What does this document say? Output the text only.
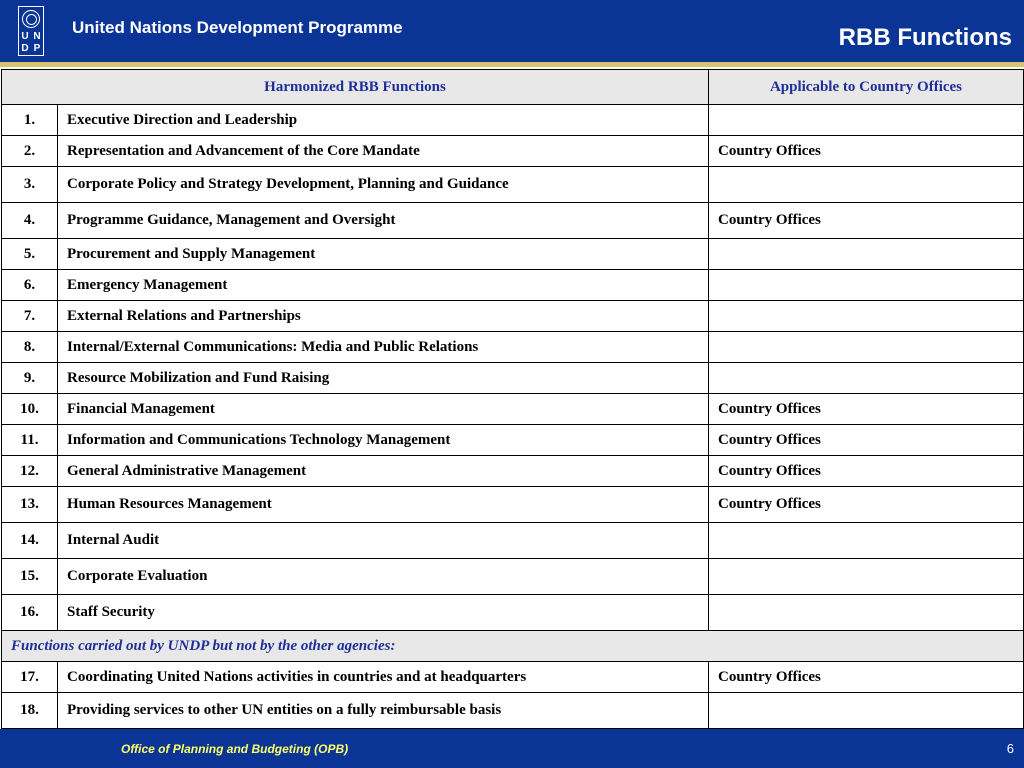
U N
D P
United Nations Development Programme	RBB Functions
Harmonized RBB Functions		Applicable to Country Offices
1.	Executive Direction and Leadership	
2.	Representation and Advancement of the Core Mandate	Country Offices
3.	Corporate Policy and Strategy Development, Planning and Guidance	
4.	Programme Guidance, Management and Oversight	Country Offices
5.	Procurement and Supply Management	
6.	Emergency Management	
7.	External Relations and Partnerships	
8.	Internal/External Communications: Media and Public Relations	
9.	Resource Mobilization and Fund Raising	
10.	Financial Management	Country Offices
11.	Information and Communications Technology Management	Country Offices
12.	General Administrative Management	Country Offices
13.	Human Resources Management	Country Offices
14.	Internal Audit	
15.	Corporate Evaluation	
16.	Staff Security	
Functions carried out by UNDP but not by the other agencies:		
17.	Coordinating United Nations activities in countries and at headquarters	Country Offices
18.	Providing services to other UN entities on a fully reimbursable basis	
Office of Planning and Budgeting (OPB)	6
